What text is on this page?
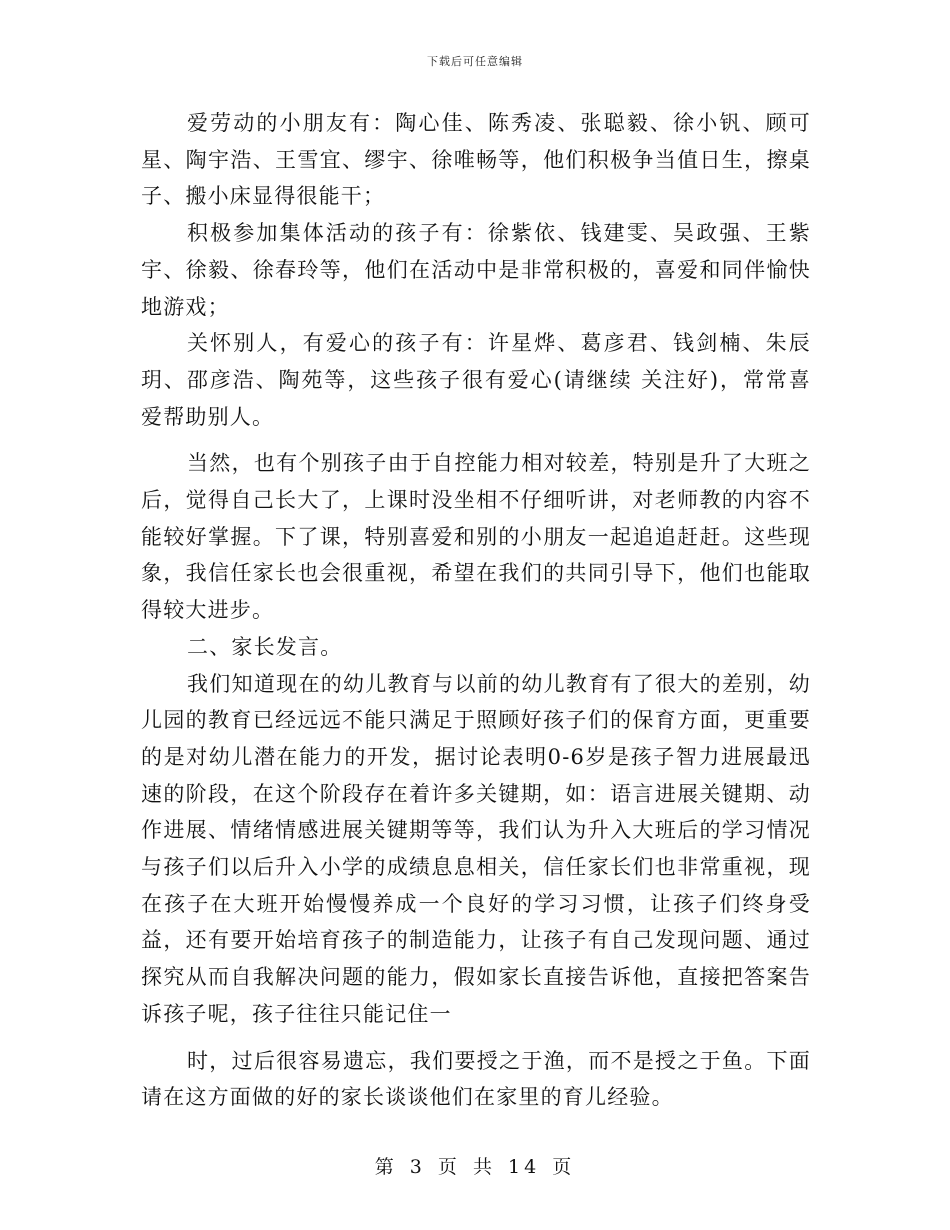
下载后可任意编辑

爱劳动的小朋友有：陶心佳、陈秀凌、张聪毅、徐小钒、顾可星、陶宇浩、王雪宜、缪宇、徐唯畅等，他们积极争当值日生，擦桌子、搬小床显得很能干；

积极参加集体活动的孩子有：徐紫依、钱建雯、吴政强、王紫宇、徐毅、徐春玲等，他们在活动中是非常积极的，喜爱和同伴愉快地游戏；

关怀别人，有爱心的孩子有：许星烨、葛彦君、钱剑楠、朱辰玥、邵彦浩、陶苑等，这些孩子很有爱心(请继续 关注好)，常常喜爱帮助别人。

当然，也有个别孩子由于自控能力相对较差，特别是升了大班之后，觉得自己长大了，上课时没坐相不仔细听讲，对老师教的内容不能较好掌握。下了课，特别喜爱和别的小朋友一起追追赶赶。这些现象，我信任家长也会很重视，希望在我们的共同引导下，他们也能取得较大进步。

二、家长发言。

我们知道现在的幼儿教育与以前的幼儿教育有了很大的差别，幼儿园的教育已经远远不能只满足于照顾好孩子们的保育方面，更重要的是对幼儿潜在能力的开发，据讨论表明0-6岁是孩子智力进展最迅速的阶段，在这个阶段存在着许多关键期，如：语言进展关键期、动作进展、情绪情感进展关键期等等，我们认为升入大班后的学习情况与孩子们以后升入小学的成绩息息相关，信任家长们也非常重视，现在孩子在大班开始慢慢养成一个良好的学习习惯，让孩子们终身受益，还有要开始培育孩子的制造能力，让孩子有自己发现问题、通过探究从而自我解决问题的能力，假如家长直接告诉他，直接把答案告诉孩子呢，孩子往往只能记住一

时，过后很容易遗忘，我们要授之于渔，而不是授之于鱼。下面请在这方面做的好的家长谈谈他们在家里的育儿经验。

第 3 页 共 14 页
